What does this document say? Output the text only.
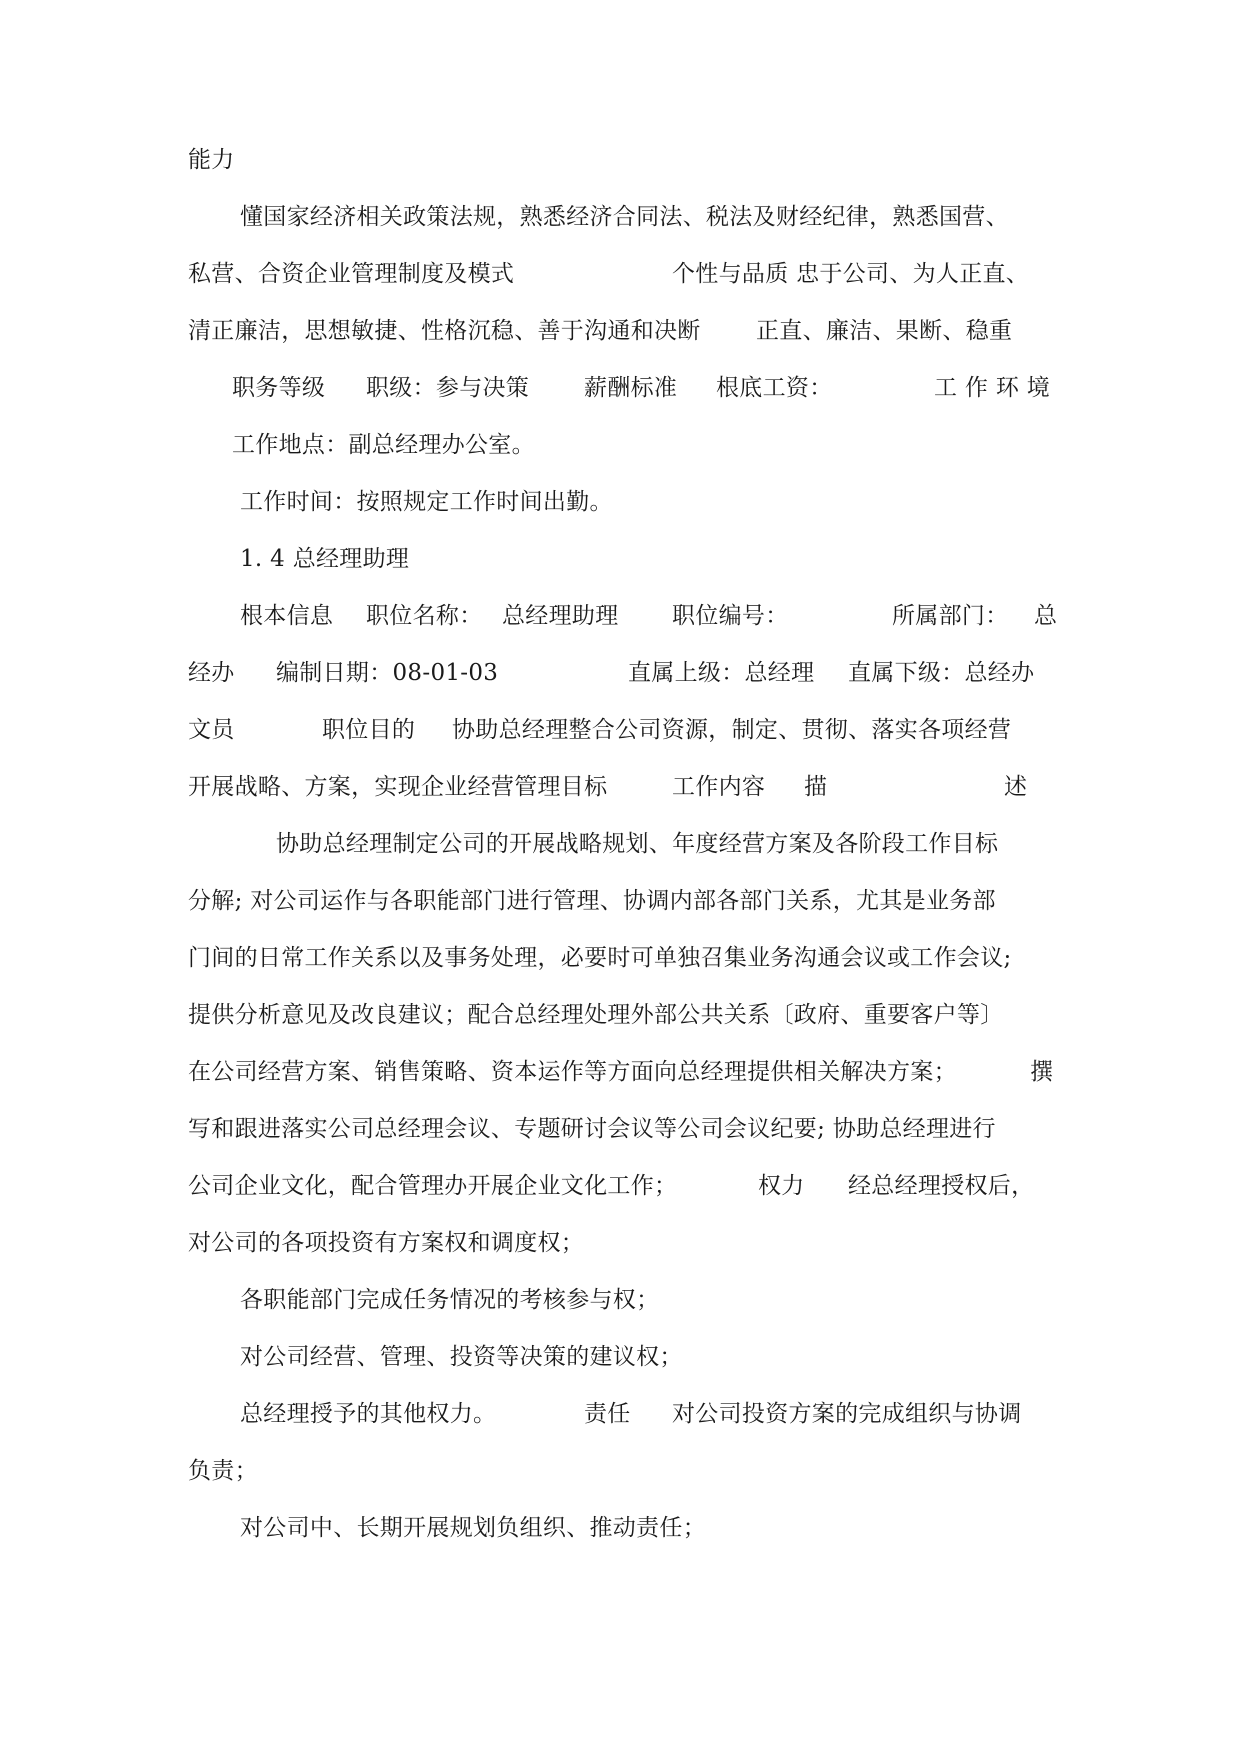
能力
懂国家经济相关政策法规，熟悉经济合同法、税法及财经纪律，熟悉国营、
私营、合资企业管理制度及模式	个性与品质 忠于公司、为人正直、
清正廉洁，思想敏捷、性格沉稳、善于沟通和决断 正直、廉洁、果断、稳重
职务等级 职级：参与决策 薪酬标准 根底工资：	工 作 环 境
工作地点：副总经理办公室。
工作时间：按照规定工作时间出勤。
1. 4 总经理助理
根本信息 职位名称： 总经理助理 职位编号：	所属部门： 总
经办 编制日期：08-01-03	直属上级：总经理 直属下级：总经办
文员	职位目的 协助总经理整合公司资源，制定、贯彻、落实各项经营
开展战略、方案，实现企业经营管理目标	工作内容 描	述
协助总经理制定公司的开展战略规划、年度经营方案及各阶段工作目标
分解; 对公司运作与各职能部门进行管理、协调内部各部门关系，尤其是业务部
门间的日常工作关系以及事务处理，必要时可单独召集业务沟通会议或工作会议;
提供分析意见及改良建议；配合总经理处理外部公共关系〔政府、重要客户等〕
在公司经营方案、销售策略、资本运作等方面向总经理提供相关解决方案；	撰
写和跟进落实公司总经理会议、专题研讨会议等公司会议纪要; 协助总经理进行
公司企业文化，配合管理办开展企业文化工作；	权力 经总经理授权后，
对公司的各项投资有方案权和调度权；
各职能部门完成任务情况的考核参与权；
对公司经营、管理、投资等决策的建议权；
总经理授予的其他权力。	责任 对公司投资方案的完成组织与协调
负责；
对公司中、长期开展规划负组织、推动责任；
